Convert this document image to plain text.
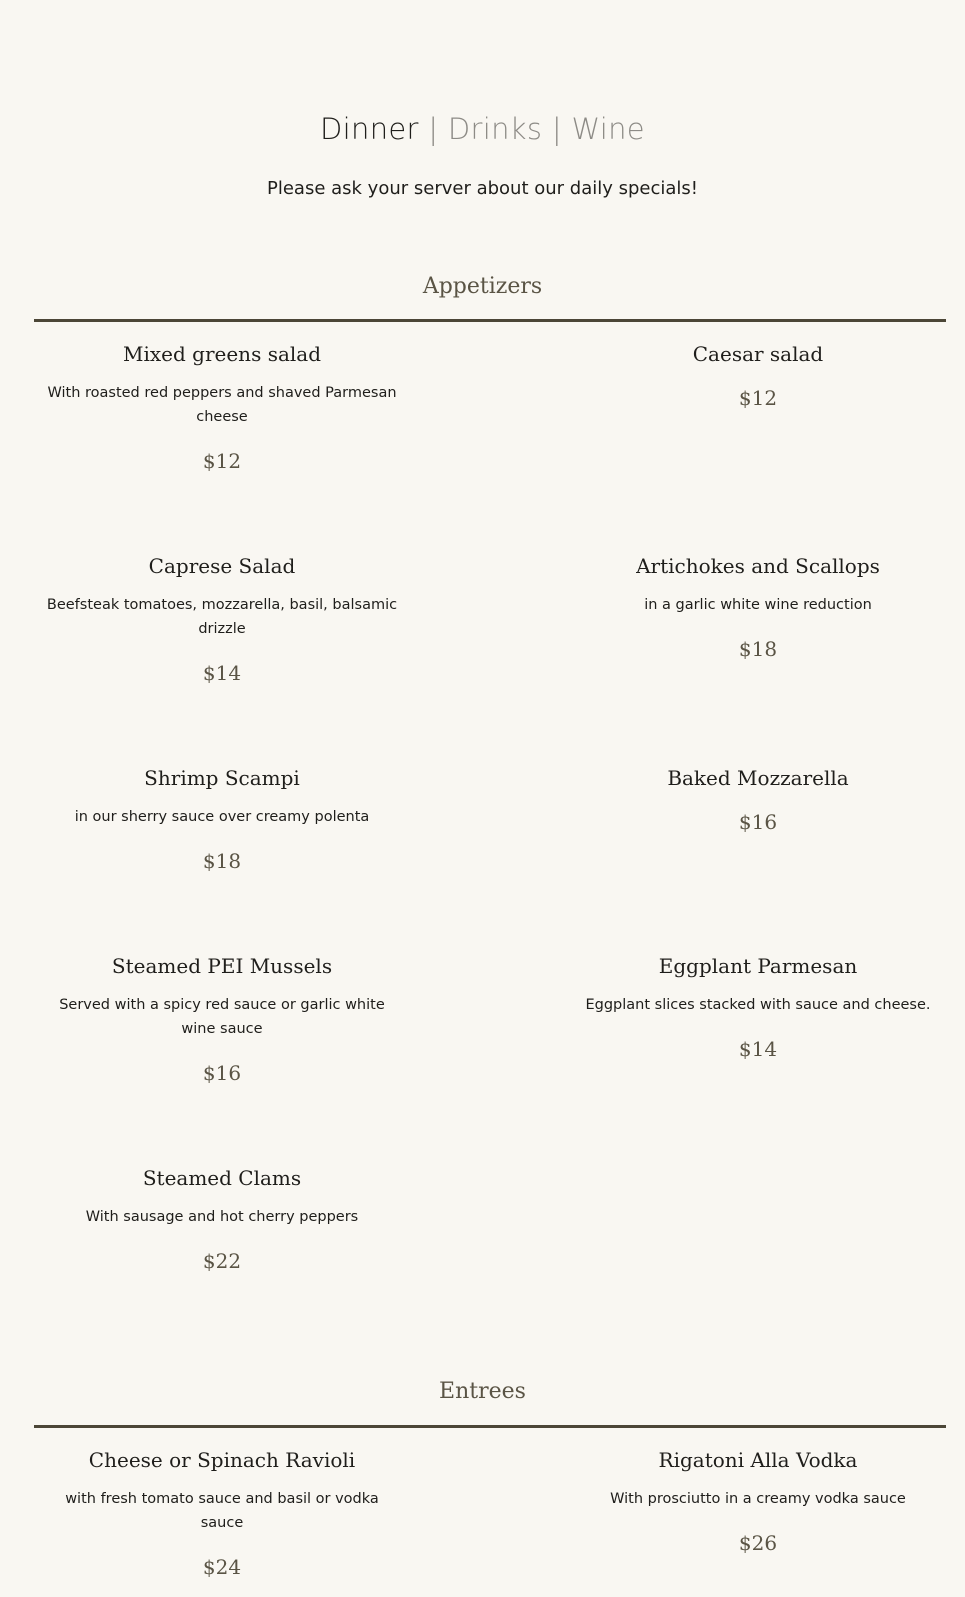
Dinner | Drinks | Wine
Please ask your server about our daily specials!
Appetizers
Mixed greens salad
With roasted red peppers and shaved Parmesan cheese
$12
Caesar salad
$12
Caprese Salad
Beefsteak tomatoes, mozzarella, basil, balsamic drizzle
$14
Artichokes and Scallops
in a garlic white wine reduction
$18
Shrimp Scampi
in our sherry sauce over creamy polenta
$18
Baked Mozzarella
$16
Steamed PEI Mussels
Served with a spicy red sauce or garlic white wine sauce
$16
Eggplant Parmesan
Eggplant slices stacked with sauce and cheese.
$14
Steamed Clams
With sausage and hot cherry peppers
$22
Entrees
Cheese or Spinach Ravioli
with fresh tomato sauce and basil or vodka sauce
$24
Rigatoni Alla Vodka
With prosciutto in a creamy vodka sauce
$26
